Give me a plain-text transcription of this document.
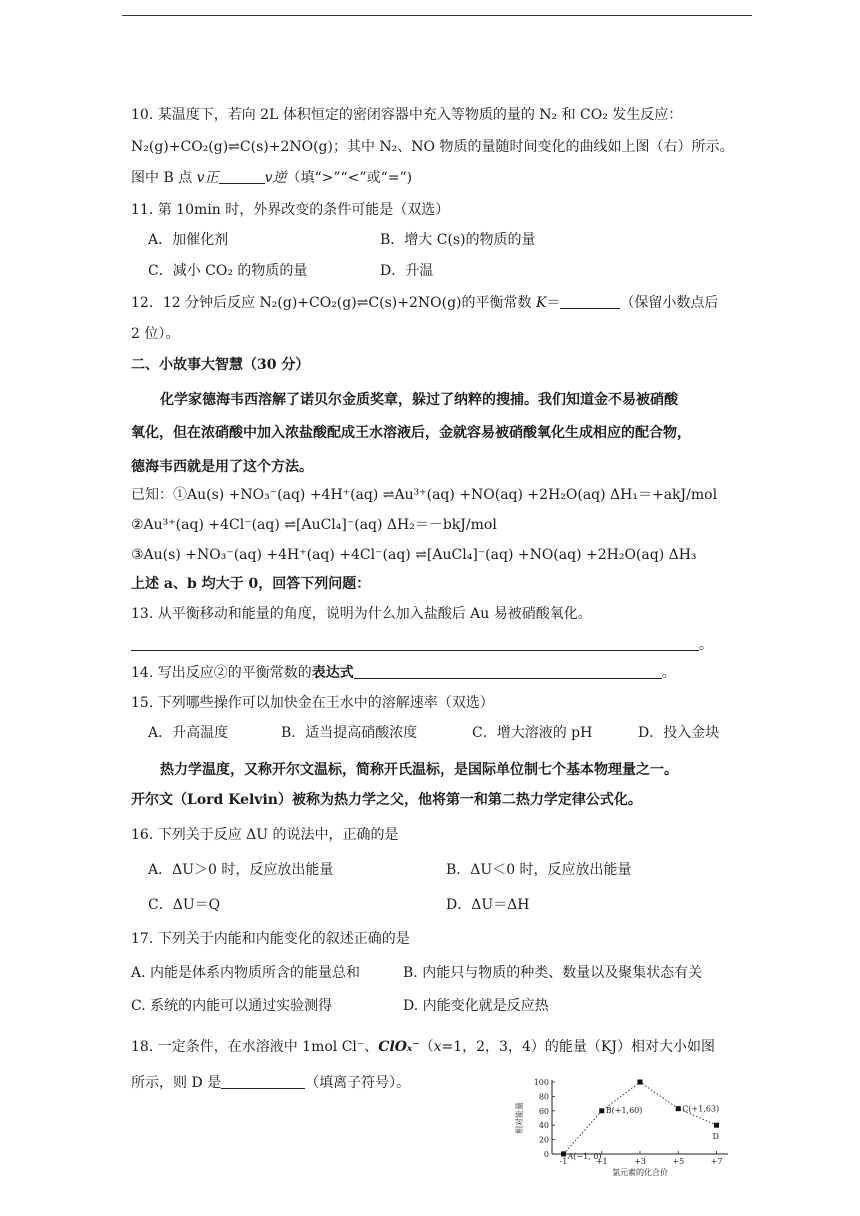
10. 某温度下，若向 2L 体积恒定的密闭容器中充入等物质的量的 N₂ 和 CO₂ 发生反应：
N₂(g)+CO₂(g)⇌C(s)+2NO(g)；其中 N₂、NO 物质的量随时间变化的曲线如上图（右）所示。
图中 B 点 v正	v逆（填“>”“<”或“=”)
11. 第 10min 时，外界改变的条件可能是（双选）
A．加催化剂	B．增大 C(s)的物质的量
C．减小 CO₂ 的物质的量	D．升温
12．12 分钟后反应 N₂(g)+CO₂(g)⇌C(s)+2NO(g)的平衡常数 K＝	（保留小数点后
2 位）。
二、小故事大智慧（30 分）
化学家德海韦西溶解了诺贝尔金质奖章，躲过了纳粹的搜捕。我们知道金不易被硝酸
氧化，但在浓硝酸中加入浓盐酸配成王水溶液后，金就容易被硝酸氧化生成相应的配合物，
德海韦西就是用了这个方法。
已知：①Au(s) +NO₃⁻(aq) +4H⁺(aq) ⇌Au³⁺(aq) +NO(aq) +2H₂O(aq) ΔH₁＝+akJ/mol
②Au³⁺(aq) +4Cl⁻(aq) ⇌[AuCl₄]⁻(aq) ΔH₂＝－bkJ/mol
③Au(s) +NO₃⁻(aq) +4H⁺(aq) +4Cl⁻(aq) ⇌[AuCl₄]⁻(aq) +NO(aq) +2H₂O(aq) ΔH₃
上述 a、b 均大于 0，回答下列问题：
13. 从平衡移动和能量的角度，说明为什么加入盐酸后 Au 易被硝酸氧化。
。
14. 写出反应②的平衡常数的表达式	。
15. 下列哪些操作可以加快金在王水中的溶解速率（双选）
A．升高温度	B．适当提高硝酸浓度	C．增大溶液的 pH	D．投入金块
热力学温度，又称开尔文温标，简称开氏温标，是国际单位制七个基本物理量之一。
开尔文（Lord Kelvin）被称为热力学之父，他将第一和第二热力学定律公式化。
16. 下列关于反应 ΔU 的说法中，正确的是
A．ΔU＞0 时，反应放出能量	B．ΔU＜0 时，反应放出能量
C．ΔU＝Q	D．ΔU＝ΔH
17. 下列关于内能和内能变化的叙述正确的是
A. 内能是体系内物质所含的能量总和	B. 内能只与物质的种类、数量以及聚集状态有关
C. 系统的内能可以通过实验测得	D. 内能变化就是反应热
18. 一定条件，在水溶液中 1mol Cl⁻、ClOₓ⁻（x=1，2，3，4）的能量（KJ）相对大小如图
所示，则 D 是	（填离子符号）。
0
20
40
60
80
100
-1	+1	+3	+5	+7
相对能量
氯元素的化合价
A(−1, 0)
B(+1,60)	C(+1,63)
D
